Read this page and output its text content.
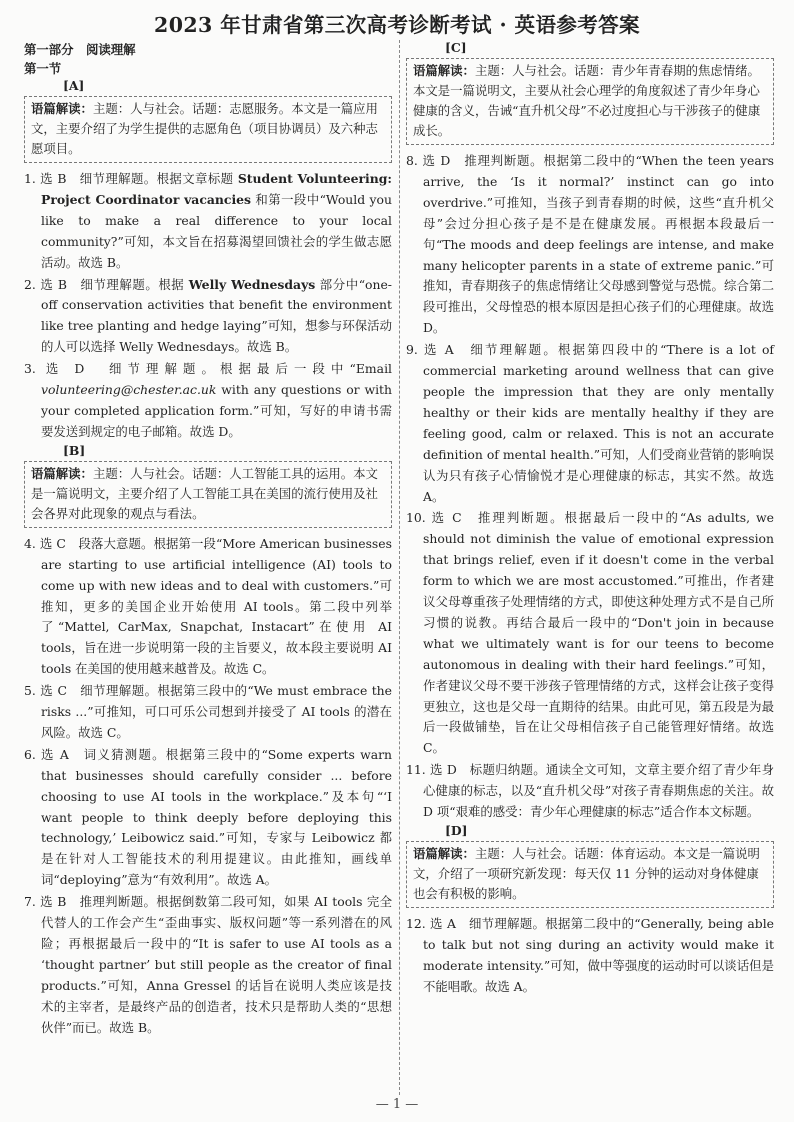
2023 年甘肃省第三次高考诊断考试 · 英语参考答案
第一部分　阅读理解
第一节
[A]
语篇解读：主题：人与社会。话题：志愿服务。本文是一篇应用文，主要介绍了为学生提供的志愿角色（项目协调员）及六种志愿项目。
1. 选 B　细节理解题。根据文章标题 Student Volunteering: Project Coordinator vacancies 和第一段中“Would you like to make a real difference to your local community?”可知，本文旨在招募渴望回馈社会的学生做志愿活动。故选 B。
2. 选 B　细节理解题。根据 Welly Wednesdays 部分中“one-off conservation activities that benefit the environment like tree planting and hedge laying”可知，想参与环保活动的人可以选择 Welly Wednesdays。故选 B。
3. 选 D　细节理解题。根据最后一段中“Email volunteering@chester.ac.uk with any questions or with your completed application form.”可知，写好的申请书需要发送到规定的电子邮箱。故选 D。
[B]
语篇解读：主题：人与社会。话题：人工智能工具的运用。本文是一篇说明文，主要介绍了人工智能工具在美国的流行使用及社会各界对此现象的观点与看法。
4. 选 C　段落大意题。根据第一段“More American businesses are starting to use artificial intelligence (AI) tools to come up with new ideas and to deal with customers.”可推知，更多的美国企业开始使用 AI tools。第二段中列举了“Mattel, CarMax, Snapchat, Instacart”在使用 AI tools，旨在进一步说明第一段的主旨要义，故本段主要说明 AI tools 在美国的使用越来越普及。故选 C。
5. 选 C　细节理解题。根据第三段中的“We must embrace the risks ...”可推知，可口可乐公司想到并接受了 AI tools 的潜在风险。故选 C。
6. 选 A　词义猜测题。根据第三段中的“Some experts warn that businesses should carefully consider ... before choosing to use AI tools in the workplace.”及本句“‘I want people to think deeply before deploying this technology,’ Leibowicz said.”可知，专家与 Leibowicz 都是在针对人工智能技术的利用提建议。由此推知，画线单词“deploying”意为“有效利用”。故选 A。
7. 选 B　推理判断题。根据倒数第二段可知，如果 AI tools 完全代替人的工作会产生“歪曲事实、版权问题”等一系列潜在的风险；再根据最后一段中的“It is safer to use AI tools as a ‘thought partner’ but still people as the creator of final products.”可知，Anna Gressel 的话旨在说明人类应该是技术的主宰者，是最终产品的创造者，技术只是帮助人类的“思想伙伴”而已。故选 B。
[C]
语篇解读：主题：人与社会。话题：青少年青春期的焦虑情绪。本文是一篇说明文，主要从社会心理学的角度叙述了青少年身心健康的含义，告诫“直升机父母”不必过度担心与干涉孩子的健康成长。
8. 选 D　推理判断题。根据第二段中的“When the teen years arrive, the ‘Is it normal?’ instinct can go into overdrive.”可推知，当孩子到青春期的时候，这些“直升机父母”会过分担心孩子是不是在健康发展。再根据本段最后一句“The moods and deep feelings are intense, and make many helicopter parents in a state of extreme panic.”可推知，青春期孩子的焦虑情绪让父母感到警觉与恐慌。综合第二段可推出，父母惶恐的根本原因是担心孩子们的心理健康。故选 D。
9. 选 A　细节理解题。根据第四段中的“There is a lot of commercial marketing around wellness that can give people the impression that they are only mentally healthy or their kids are mentally healthy if they are feeling good, calm or relaxed. This is not an accurate definition of mental health.”可知，人们受商业营销的影响误认为只有孩子心情愉悦才是心理健康的标志，其实不然。故选 A。
10. 选 C　推理判断题。根据最后一段中的“As adults, we should not diminish the value of emotional expression that brings relief, even if it doesn't come in the verbal form to which we are most accustomed.”可推出，作者建议父母尊重孩子处理情绪的方式，即使这种处理方式不是自己所习惯的说教。再结合最后一段中的“Don't join in because what we ultimately want is for our teens to become autonomous in dealing with their hard feelings.”可知，作者建议父母不要干涉孩子管理情绪的方式，这样会让孩子变得更独立，这也是父母一直期待的结果。由此可见，第五段是为最后一段做铺垫，旨在让父母相信孩子自己能管理好情绪。故选 C。
11. 选 D　标题归纳题。通读全文可知，文章主要介绍了青少年身心健康的标志，以及“直升机父母”对孩子青春期焦虑的关注。故 D 项“艰难的感受：青少年心理健康的标志”适合作本文标题。
[D]
语篇解读：主题：人与社会。话题：体育运动。本文是一篇说明文，介绍了一项研究新发现：每天仅 11 分钟的运动对身体健康也会有积极的影响。
12. 选 A　细节理解题。根据第二段中的“Generally, being able to talk but not sing during an activity would make it moderate intensity.”可知，做中等强度的运动时可以谈话但是不能唱歌。故选 A。
— 1 —
